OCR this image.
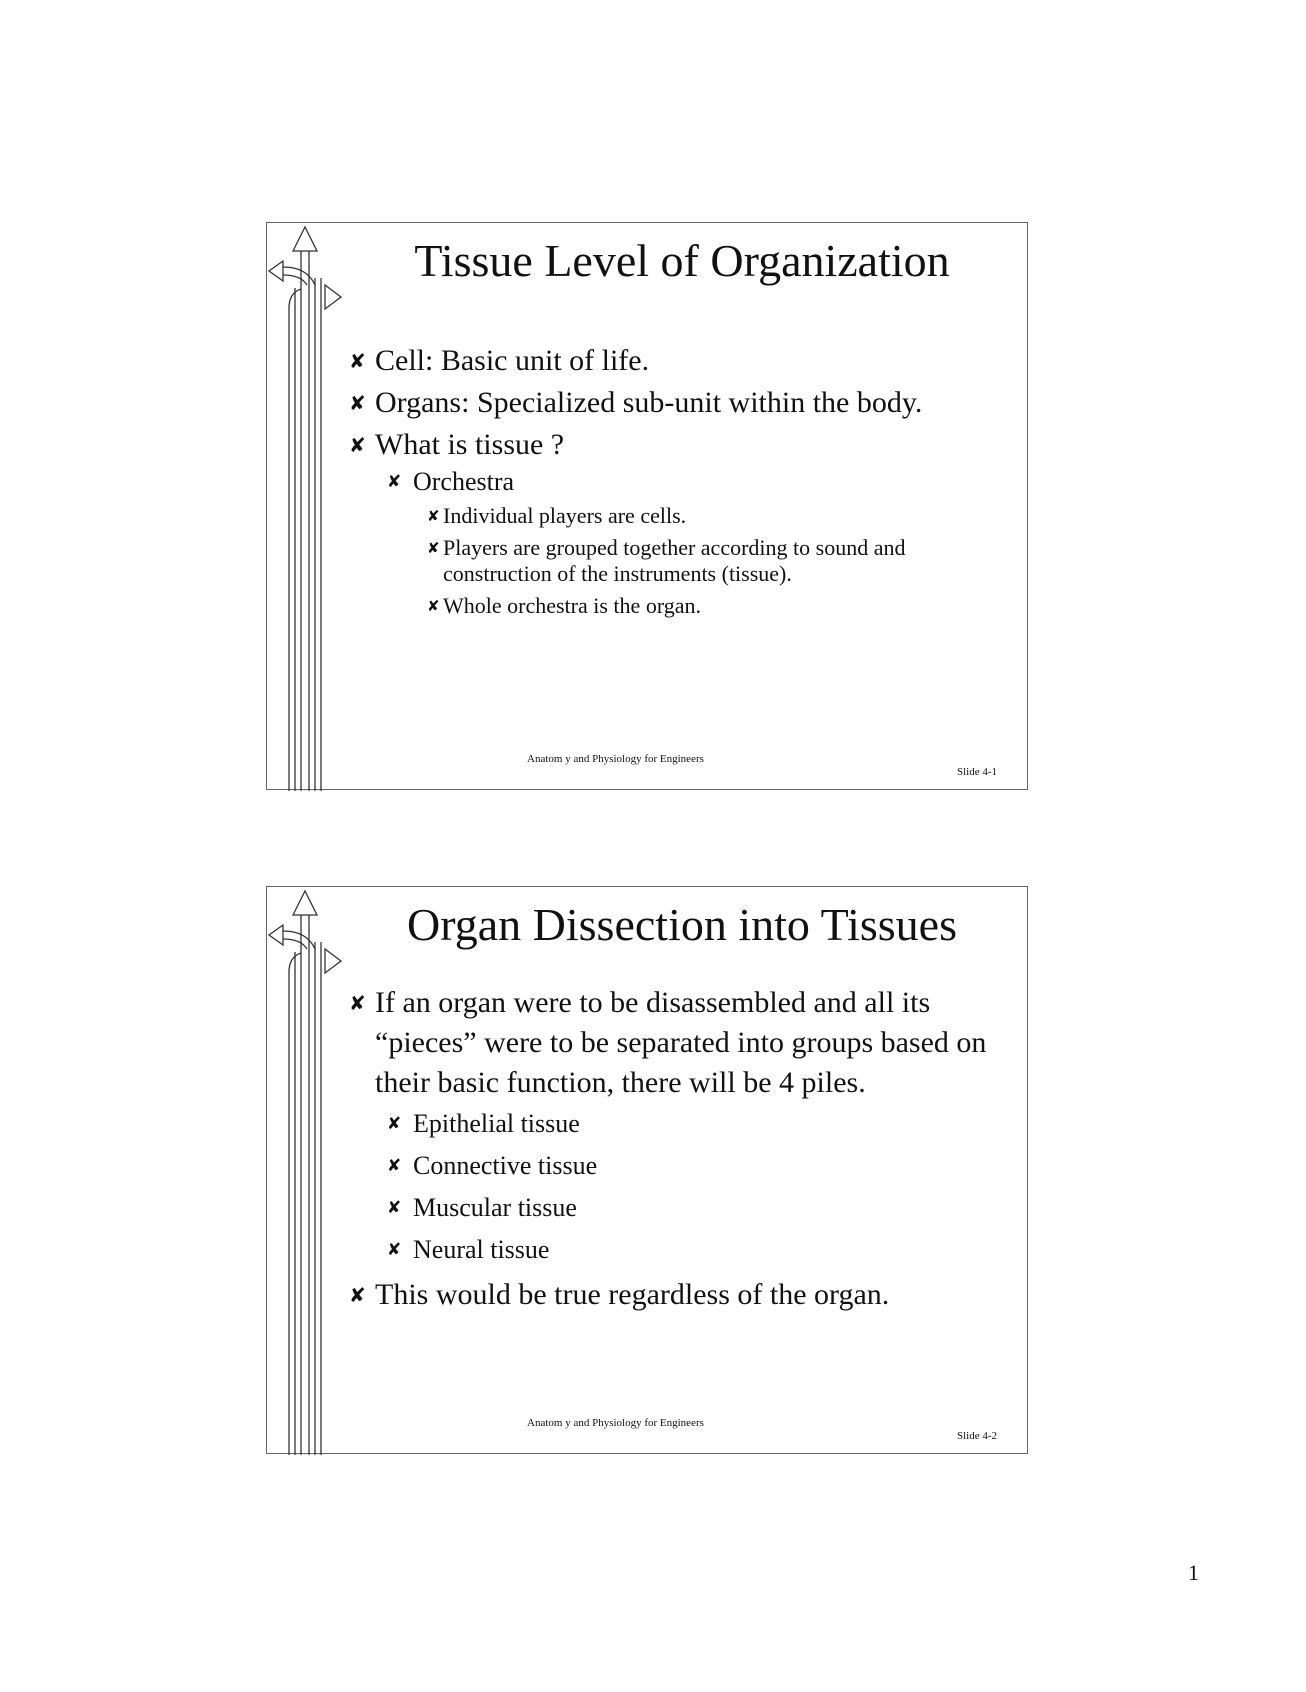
Tissue Level of Organization
✘ Cell: Basic unit of life.
✘ Organs: Specialized sub-unit within the body.
✘ What is tissue ?
✘ Orchestra
✘ Individual players are cells.
✘ Players are grouped together according to sound and construction of the instruments (tissue).
✘ Whole orchestra is the organ.
Anatom y and Physiology for Engineers
Slide 4-1
Organ Dissection into Tissues
✘ If an organ were to be disassembled and all its “pieces” were to be separated into groups based on their basic function, there will be 4 piles.
✘ Epithelial tissue
✘ Connective tissue
✘ Muscular tissue
✘ Neural tissue
✘ This would be true regardless of the organ.
Anatom y and Physiology for Engineers
Slide 4-2
1
